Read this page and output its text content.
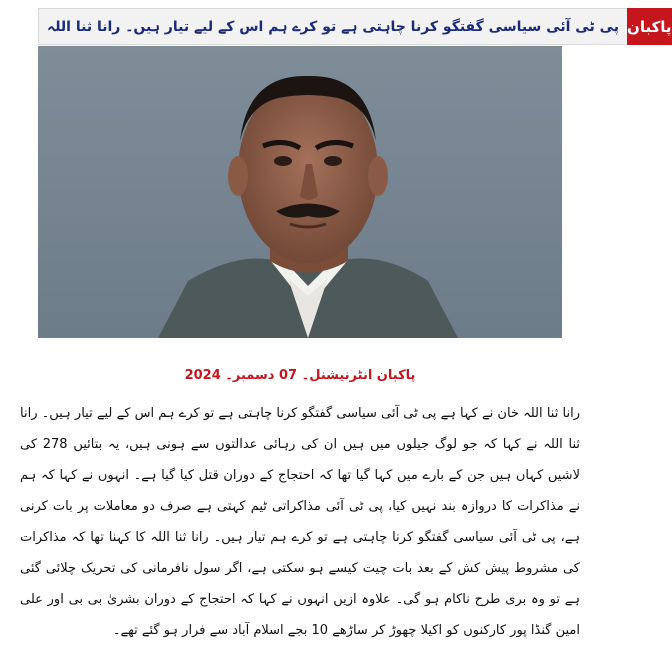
پی ٹی آئی سیاسی گفتگو کرنا چاہتی ہے تو کرے ہم اس کے لیے تیار ہیں۔ رانا ثنا اللہ پاکبان
پاکبان انٹرنیشنل۔ 07 دسمبر۔ 2024
رانا ثنا اللہ خان نے کہا ہے پی ٹی آئی سیاسی گفتگو کرنا چاہتی ہے تو کرے ہم اس کے لیے تیار ہیں۔ رانا ثنا اللہ نے کہا کہ جو لوگ جیلوں میں ہیں ان کی رہائی عدالتوں سے ہونی ہیں، یہ بتائیں 278 کی لاشیں کہاں ہیں جن کے بارے میں کہا گیا تھا کہ احتجاج کے دوران قتل کیا گیا ہے۔ انہوں نے کہا کہ ہم نے مذاکرات کا دروازہ بند نہیں کیا، پی ٹی آئی مذاکراتی ٹیم کہتی ہے صرف دو معاملات پر بات کرنی ہے، پی ٹی آئی سیاسی گفتگو کرنا چاہتی ہے تو کرے ہم تیار ہیں۔ رانا ثنا اللہ کا کہنا تھا کہ مذاکرات کی مشروط پیش کش کے بعد بات چیت کیسے ہو سکتی ہے، اگر سول نافرمانی کی تحریک چلائی گئی ہے تو وہ بری طرح ناکام ہو گی۔ علاوہ ازیں انہوں نے کہا کہ احتجاج کے دوران بشریٰ بی بی اور علی امین گنڈا پور کارکنوں کو اکیلا چھوڑ کر ساڑھے 10 بجے اسلام آباد سے فرار ہو گئے تھے۔
